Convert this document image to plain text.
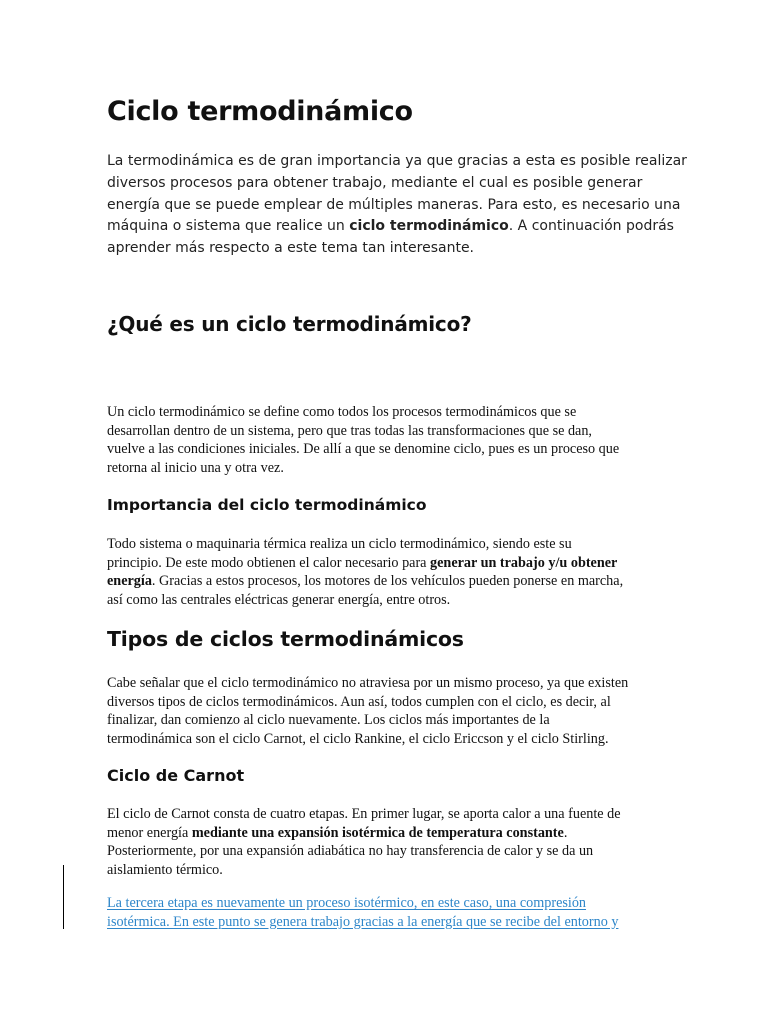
Ciclo termodinámico

La termodinámica es de gran importancia ya que gracias a esta es posible realizar
diversos procesos para obtener trabajo, mediante el cual es posible generar
energía que se puede emplear de múltiples maneras. Para esto, es necesario una
máquina o sistema que realice un ciclo termodinámico. A continuación podrás
aprender más respecto a este tema tan interesante.

¿Qué es un ciclo termodinámico?

Un ciclo termodinámico se define como todos los procesos termodinámicos que se
desarrollan dentro de un sistema, pero que tras todas las transformaciones que se dan,
vuelve a las condiciones iniciales. De allí a que se denomine ciclo, pues es un proceso que
retorna al inicio una y otra vez.

Importancia del ciclo termodinámico

Todo sistema o maquinaria térmica realiza un ciclo termodinámico, siendo este su
principio. De este modo obtienen el calor necesario para generar un trabajo y/u obtener
energía. Gracias a estos procesos, los motores de los vehículos pueden ponerse en marcha,
así como las centrales eléctricas generar energía, entre otros.

Tipos de ciclos termodinámicos

Cabe señalar que el ciclo termodinámico no atraviesa por un mismo proceso, ya que existen
diversos tipos de ciclos termodinámicos. Aun así, todos cumplen con el ciclo, es decir, al
finalizar, dan comienzo al ciclo nuevamente. Los ciclos más importantes de la
termodinámica son el ciclo Carnot, el ciclo Rankine, el ciclo Ericcson y el ciclo Stirling.

Ciclo de Carnot

El ciclo de Carnot consta de cuatro etapas. En primer lugar, se aporta calor a una fuente de
menor energía mediante una expansión isotérmica de temperatura constante.
Posteriormente, por una expansión adiabática no hay transferencia de calor y se da un
aislamiento térmico.

La tercera etapa es nuevamente un proceso isotérmico, en este caso, una compresión
isotérmica. En este punto se genera trabajo gracias a la energía que se recibe del entorno y
